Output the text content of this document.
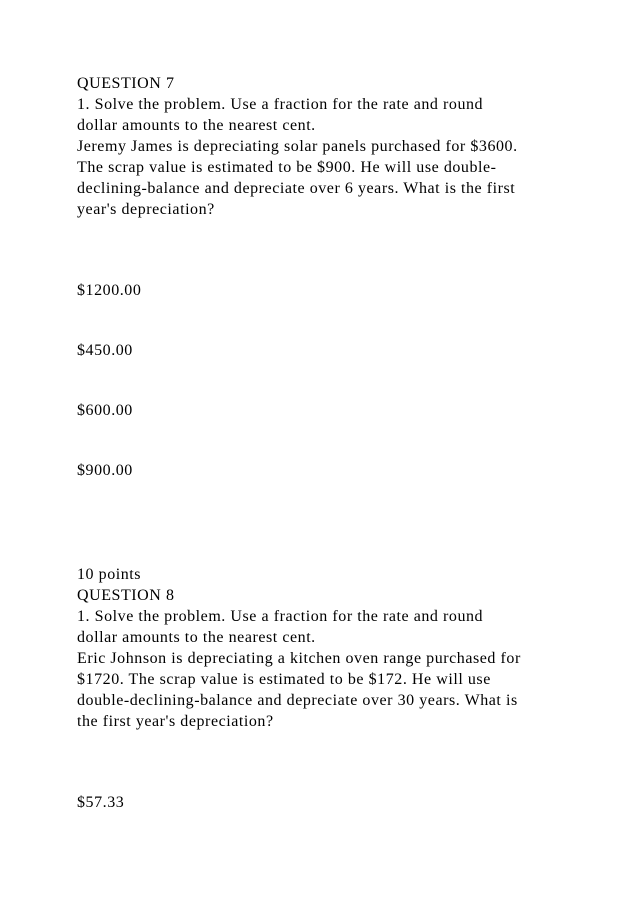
QUESTION 7
1. Solve the problem. Use a fraction for the rate and round
dollar amounts to the nearest cent.
Jeremy James is depreciating solar panels purchased for $3600.
The scrap value is estimated to be $900. He will use double-
declining-balance and depreciate over 6 years. What is the first
year's depreciation?
$1200.00
$450.00
$600.00
$900.00
10 points
QUESTION 8
1. Solve the problem. Use a fraction for the rate and round
dollar amounts to the nearest cent.
Eric Johnson is depreciating a kitchen oven range purchased for
$1720. The scrap value is estimated to be $172. He will use
double-declining-balance and depreciate over 30 years. What is
the first year's depreciation?
$57.33
